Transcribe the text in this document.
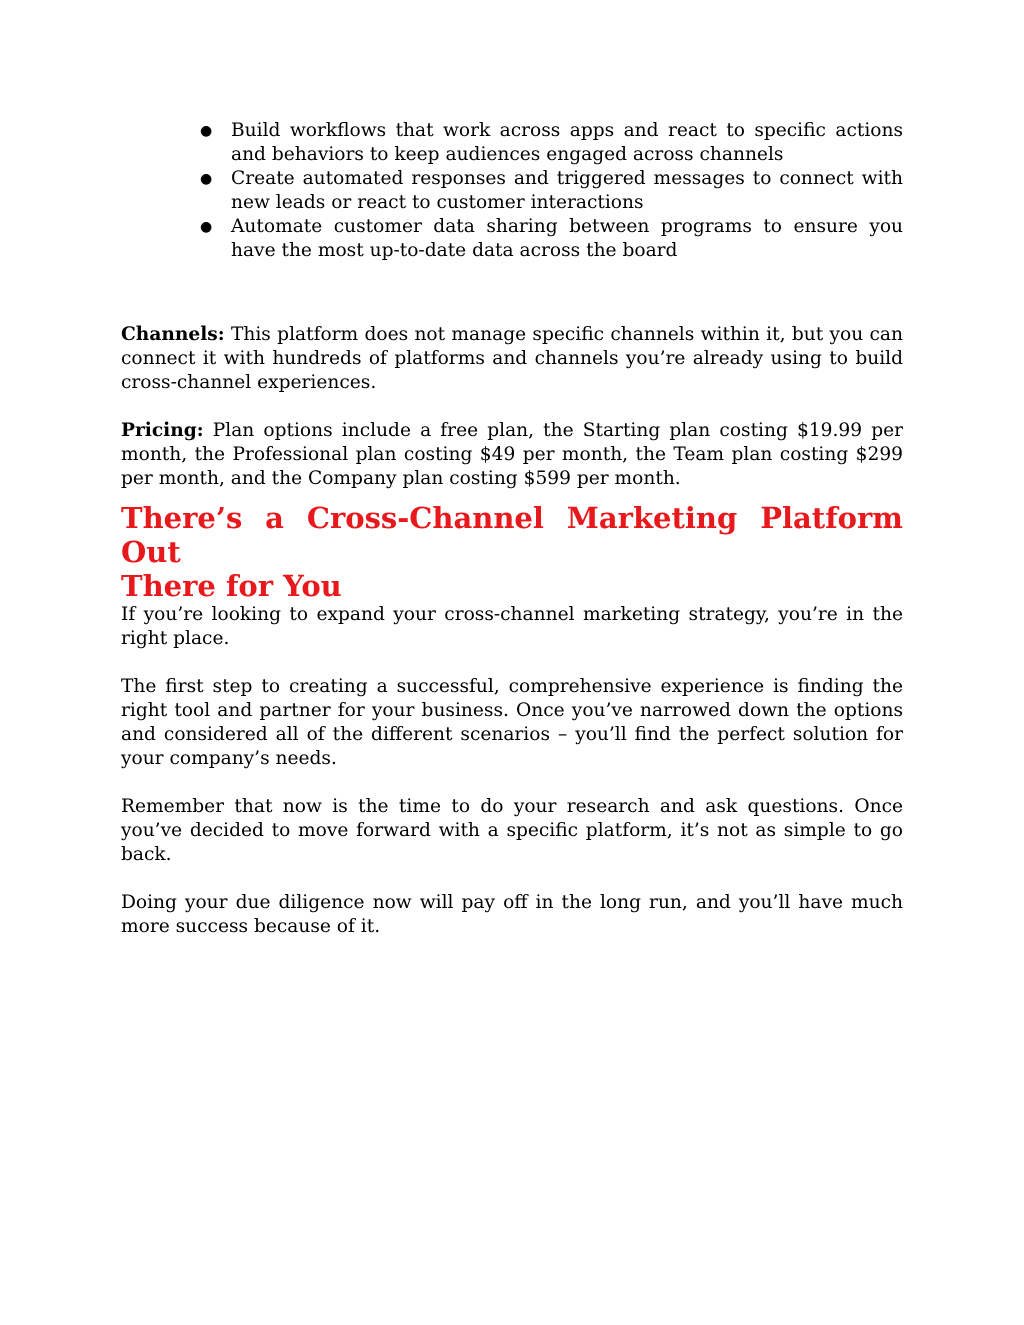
● Build workflows that work across apps and react to specific actions and behaviors to keep audiences engaged across channels
● Create automated responses and triggered messages to connect with new leads or react to customer interactions
● Automate customer data sharing between programs to ensure you have the most up-to-date data across the board

Channels: This platform does not manage specific channels within it, but you can connect it with hundreds of platforms and channels you’re already using to build cross-channel experiences.

Pricing: Plan options include a free plan, the Starting plan costing $19.99 per month, the Professional plan costing $49 per month, the Team plan costing $299 per month, and the Company plan costing $599 per month.

There’s a Cross-Channel Marketing Platform Out
There for You

If you’re looking to expand your cross-channel marketing strategy, you’re in the right place.

The first step to creating a successful, comprehensive experience is finding the right tool and partner for your business. Once you’ve narrowed down the options and considered all of the different scenarios – you’ll find the perfect solution for your company’s needs.

Remember that now is the time to do your research and ask questions. Once you’ve decided to move forward with a specific platform, it’s not as simple to go back.

Doing your due diligence now will pay off in the long run, and you’ll have much more success because of it.
